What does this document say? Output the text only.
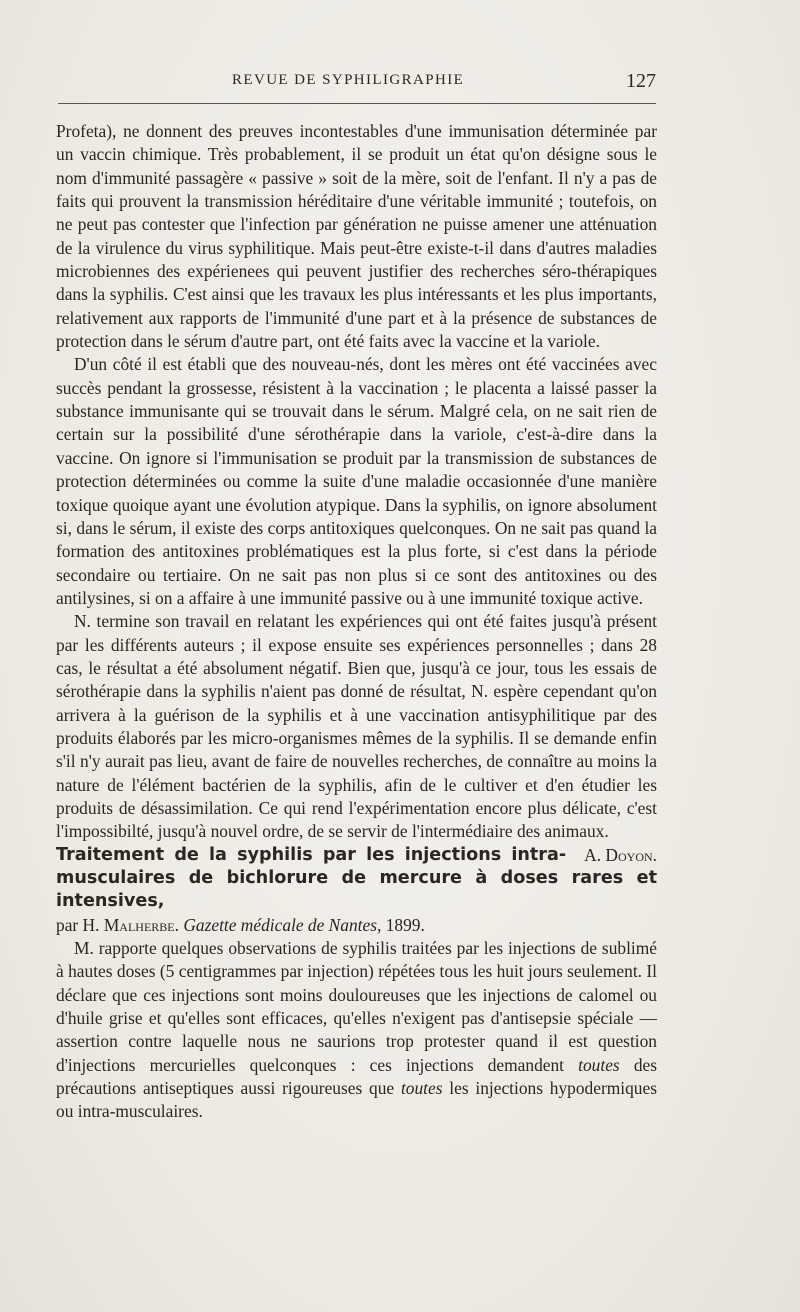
REVUE DE SYPHILIGRAPHIE	127

Profeta), ne donnent des preuves incontestables d'une immunisation déterminée par un vaccin chimique. Très probablement, il se produit un état qu'on désigne sous le nom d'immunité passagère « passive » soit de la mère, soit de l'enfant. Il n'y a pas de faits qui prouvent la transmission héréditaire d'une véritable immunité ; toutefois, on ne peut pas contester que l'infection par génération ne puisse amener une atténuation de la virulence du virus syphilitique. Mais peut-être existe-t-il dans d'autres maladies microbiennes des expérienees qui peuvent justifier des recherches séro-thérapiques dans la syphilis. C'est ainsi que les travaux les plus intéressants et les plus importants, relativement aux rapports de l'immunité d'une part et à la présence de substances de protection dans le sérum d'autre part, ont été faits avec la vaccine et la variole.

D'un côté il est établi que des nouveau-nés, dont les mères ont été vaccinées avec succès pendant la grossesse, résistent à la vaccination ; le placenta a laissé passer la substance immunisante qui se trouvait dans le sérum. Malgré cela, on ne sait rien de certain sur la possibilité d'une sérothérapie dans la variole, c'est-à-dire dans la vaccine. On ignore si l'immunisation se produit par la transmission de substances de protection déterminées ou comme la suite d'une maladie occasionnée d'une manière toxique quoique ayant une évolution atypique. Dans la syphilis, on ignore absolument si, dans le sérum, il existe des corps antitoxiques quelconques. On ne sait pas quand la formation des antitoxines problématiques est la plus forte, si c'est dans la période secondaire ou tertiaire. On ne sait pas non plus si ce sont des antitoxines ou des antilysines, si on a affaire à une immunité passive ou à une immunité toxique active.

N. termine son travail en relatant les expériences qui ont été faites jusqu'à présent par les différents auteurs ; il expose ensuite ses expériences personnelles ; dans 28 cas, le résultat a été absolument négatif. Bien que, jusqu'à ce jour, tous les essais de sérothérapie dans la syphilis n'aient pas donné de résultat, N. espère cependant qu'on arrivera à la guérison de la syphilis et à une vaccination antisyphilitique par des produits élaborés par les micro-organismes mêmes de la syphilis. Il se demande enfin s'il n'y aurait pas lieu, avant de faire de nouvelles recherches, de connaître au moins la nature de l'élément bactérien de la syphilis, afin de le cultiver et d'en étudier les produits de désassimilation. Ce qui rend l'expérimentation encore plus délicate, c'est l'impossibilté, jusqu'à nouvel ordre, de se servir de l'intermédiaire des animaux.
A. Doyon.

Traitement de la syphilis par les injections intra-musculaires de bichlorure de mercure à doses rares et intensives,

par H. Malherbe. Gazette médicale de Nantes, 1899.

M. rapporte quelques observations de syphilis traitées par les injections de sublimé à hautes doses (5 centigrammes par injection) répétées tous les huit jours seulement. Il déclare que ces injections sont moins douloureuses que les injections de calomel ou d'huile grise et qu'elles sont efficaces, qu'elles n'exigent pas d'antisepsie spéciale — assertion contre laquelle nous ne saurions trop protester quand il est question d'injections mercurielles quelconques : ces injections demandent toutes des précautions antiseptiques aussi rigoureuses que toutes les injections hypodermiques ou intra-musculaires.
